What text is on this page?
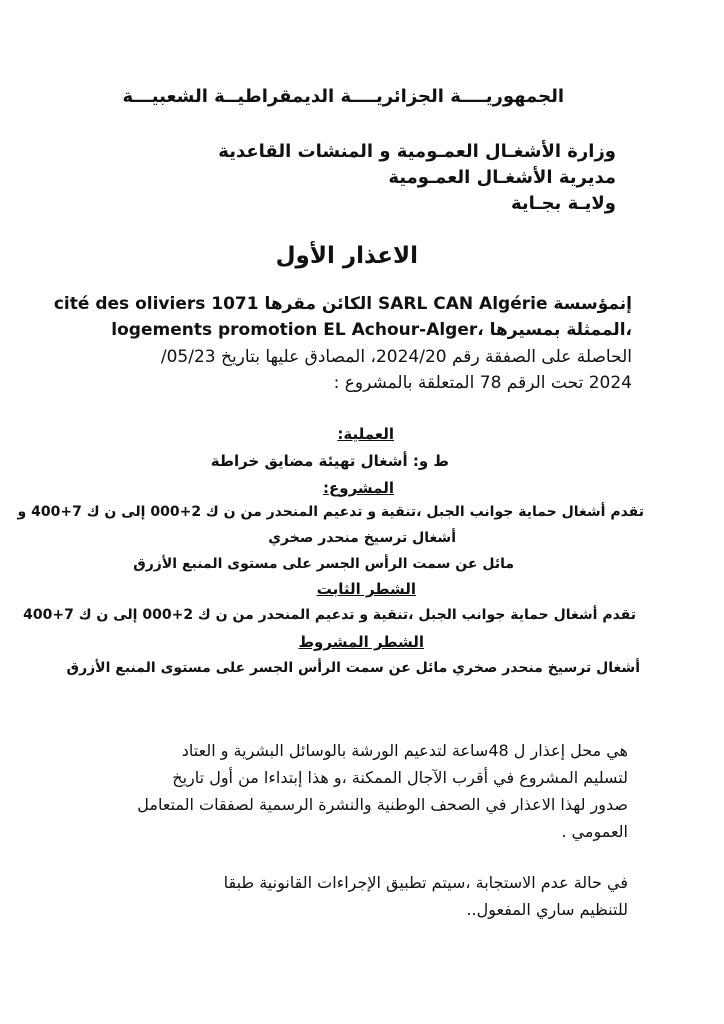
الجمهوريــــة الجزائريــــة الديمقراطيــة الشعبيـــة
وزارة الأشغـال العمـومية و المنشات القاعدية
مديرية الأشغـال العمـومية
ولايـة بجـاية
الاعذار الأول
إنمؤسسة SARL CAN Algérie الكائن مقرها cité des oliviers 1071
logements promotion EL Achour-Alger، الممثلة بمسيرها،
الحاصلة على الصفقة رقم 2024/20، المصادق عليها بتاريخ 05/23/
2024 تحت الرقم 78 المتعلقة بالمشروع :
العملية:
ط و: أشغال تهيئة مضايق خراطة
المشروع:
تقدم أشغال حماية جوانب الجبل ،تنقية و تدعيم المنحدر من ن ك 2+000 إلى ن ك 7+400 و
أشغال ترسيخ منحدر صخري
مائل عن سمت الرأس الجسر على مستوى المنبع الأزرق
الشطر الثابت
تقدم أشغال حماية جوانب الجبل ،تنقية و تدعيم المنحدر من ن ك 2+000 إلى ن ك 7+400
الشطر المشروط
أشغال ترسيخ منحدر صخري مائل عن سمت الرأس الجسر على مستوى المنبع الأزرق
هي محل إعذار ل 48ساعة لتدعيم الورشة بالوسائل البشرية و العتاد
لتسليم المشروع في أقرب الآجال الممكنة ،و هذا إبتداءا من أول تاريخ
صدور لهذا الاعذار في الصحف الوطنية والنشرة الرسمية لصفقات المتعامل
العمومي .
في حالة عدم الاستجابة ،سيتم تطبيق الإجراءات القانونية طبقا
للتنظيم ساري المفعول..
